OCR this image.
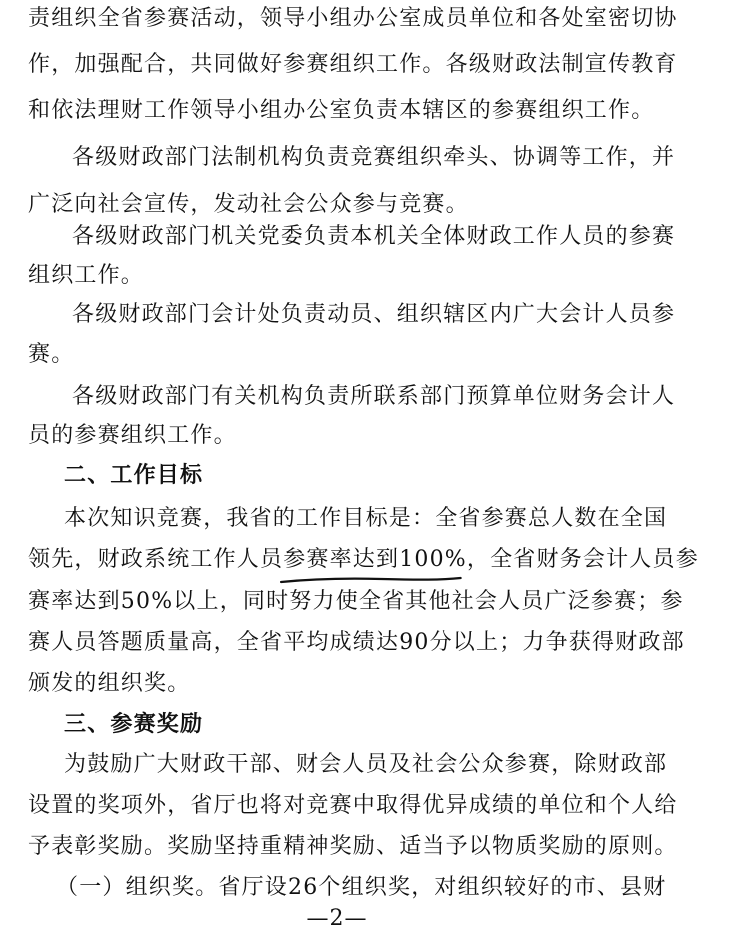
责组织全省参赛活动，领导小组办公室成员单位和各处室密切协
作，加强配合，共同做好参赛组织工作。各级财政法制宣传教育
和依法理财工作领导小组办公室负责本辖区的参赛组织工作。
各级财政部门法制机构负责竞赛组织牵头、协调等工作，并
广泛向社会宣传，发动社会公众参与竞赛。
各级财政部门机关党委负责本机关全体财政工作人员的参赛
组织工作。
各级财政部门会计处负责动员、组织辖区内广大会计人员参
赛。
各级财政部门有关机构负责所联系部门预算单位财务会计人
员的参赛组织工作。
二、工作目标
本次知识竞赛，我省的工作目标是：全省参赛总人数在全国
领先，财政系统工作人员参赛率达到100%
，全省财务会计人员参
赛率达到50%以上，同时努力使全省其他社会人员广泛参赛；参
赛人员答题质量高，全省平均成绩达90分以上；力争获得财政部
颁发的组织奖。
三、参赛奖励
为鼓励广大财政干部、财会人员及社会公众参赛，除财政部
设置的奖项外，省厅也将对竞赛中取得优异成绩的单位和个人给
予表彰奖励。奖励坚持重精神奖励、适当予以物质奖励的原则。
（一）组织奖。省厅设26个组织奖，对组织较好的市、县财
—2—
